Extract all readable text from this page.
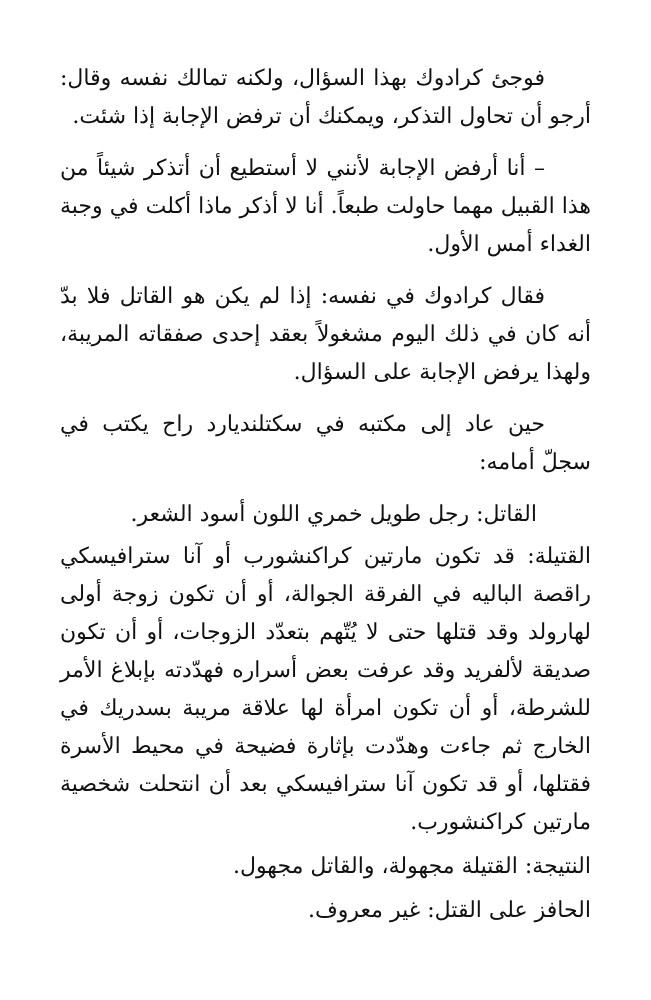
فوجئ كرادوك بهذا السؤال، ولكنه تمالك نفسه وقال: أرجو أن تحاول التذكر، ويمكنك أن ترفض الإجابة إذا شئت.

– أنا أرفض الإجابة لأنني لا أستطيع أن أتذكر شيئاً من هذا القبيل مهما حاولت طبعاً. أنا لا أذكر ماذا أكلت في وجبة الغداء أمس الأول.

فقال كرادوك في نفسه: إذا لم يكن هو القاتل فلا بدّ أنه كان في ذلك اليوم مشغولاً بعقد إحدى صفقاته المريبة، ولهذا يرفض الإجابة على السؤال.

حين عاد إلى مكتبه في سكتلنديارد راح يكتب في سجلّ أمامه:

القاتل: رجل طويل خمري اللون أسود الشعر.

القتيلة: قد تكون مارتين كراكنشورب أو آنا سترافيسكي راقصة الباليه في الفرقة الجوالة، أو أن تكون زوجة أولى لهارولد وقد قتلها حتى لا يُتّهم بتعدّد الزوجات، أو أن تكون صديقة لألفريد وقد عرفت بعض أسراره فهدّدته بإبلاغ الأمر للشرطة، أو أن تكون امرأة لها علاقة مريبة بسدريك في الخارج ثم جاءت وهدّدت بإثارة فضيحة في محيط الأسرة فقتلها، أو قد تكون آنا سترافيسكي بعد أن انتحلت شخصية مارتين كراكنشورب.

النتيجة: القتيلة مجهولة، والقاتل مجهول.

الحافز على القتل: غير معروف.
